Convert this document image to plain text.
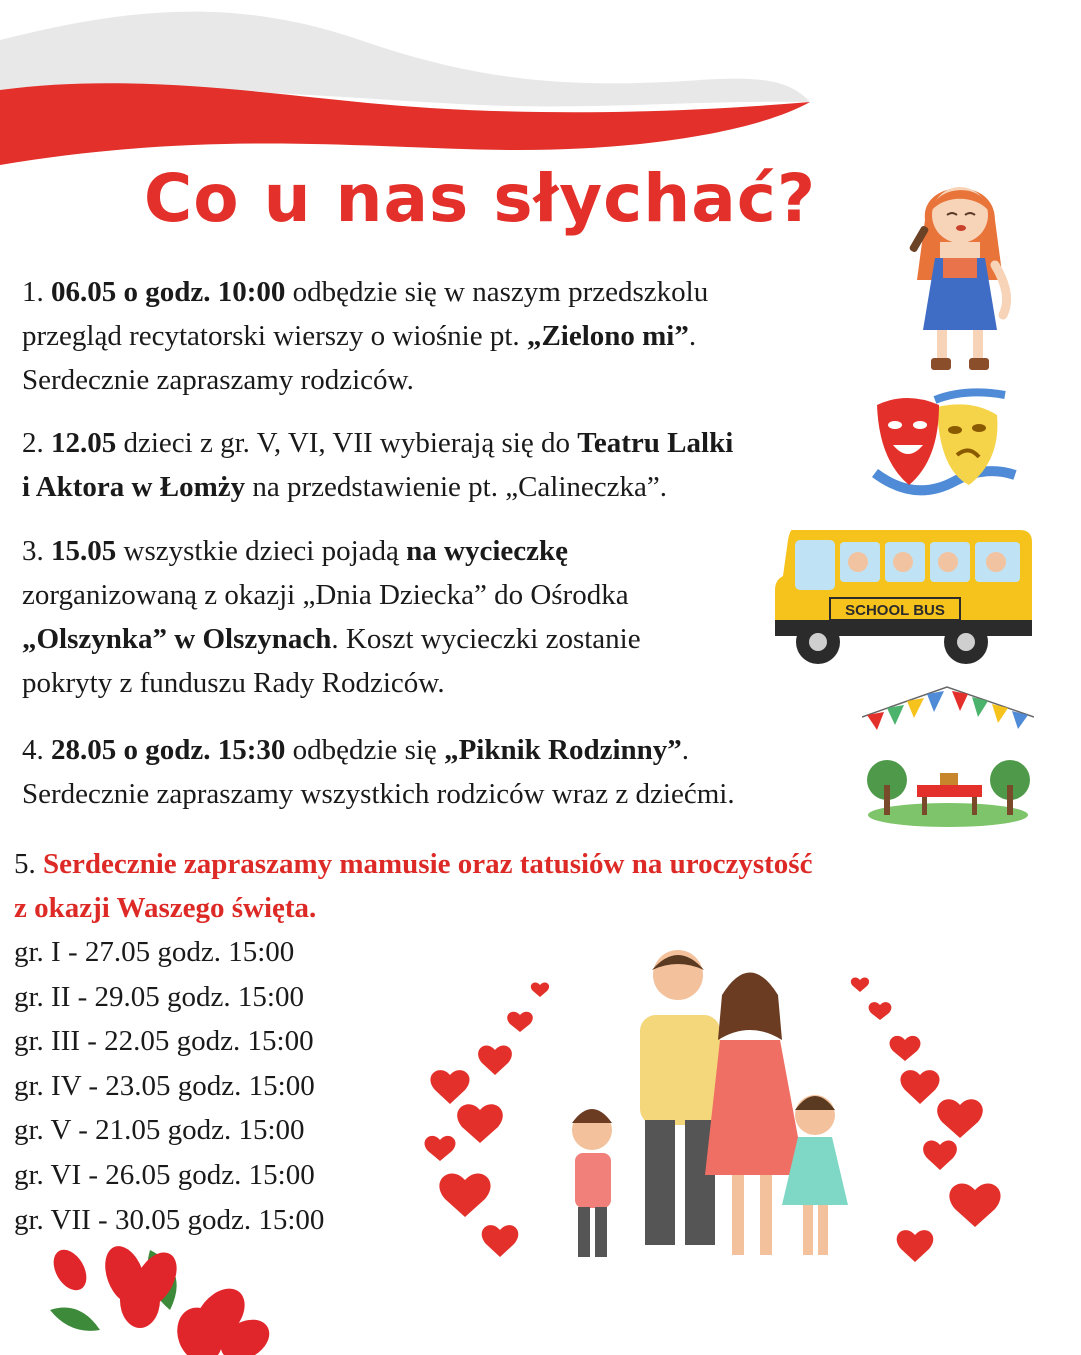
Co u nas słychać?
1. 06.05 o godz. 10:00 odbędzie się w naszym przedszkolu
przegląd recytatorski wierszy o wiośnie pt. „Zielono mi”.
Serdecznie zapraszamy rodziców.
2. 12.05 dzieci z gr. V, VI, VII wybierają się do Teatru Lalki
i Aktora w Łomży na przedstawienie pt. „Calineczka”.
3. 15.05 wszystkie dzieci pojadą na wycieczkę
zorganizowaną z okazji „Dnia Dziecka” do Ośrodka
„Olszynka” w Olszynach. Koszt wycieczki zostanie
pokryty z funduszu Rady Rodziców.
4. 28.05 o godz. 15:30 odbędzie się „Piknik Rodzinny”.
Serdecznie zapraszamy wszystkich rodziców wraz z dziećmi.
5. Serdecznie zapraszamy mamusie oraz tatusiów na uroczystość
z okazji Waszego święta.
gr. I - 27.05 godz. 15:00
gr. II - 29.05 godz. 15:00
gr. III - 22.05 godz. 15:00
gr. IV - 23.05 godz. 15:00
gr. V - 21.05 godz. 15:00
gr. VI - 26.05 godz. 15:00
gr. VII - 30.05 godz. 15:00
SCHOOL BUS
